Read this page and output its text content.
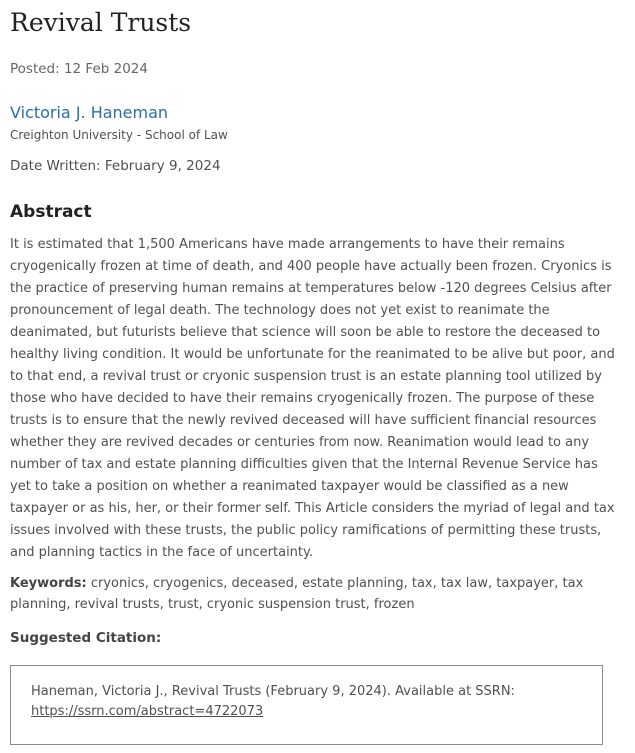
Revival Trusts
Posted: 12 Feb 2024
Victoria J. Haneman
Creighton University - School of Law
Date Written: February 9, 2024
Abstract

It is estimated that 1,500 Americans have made arrangements to have their remains cryogenically frozen at time of death, and 400 people have actually been frozen. Cryonics is the practice of preserving human remains at temperatures below -120 degrees Celsius after pronouncement of legal death. The technology does not yet exist to reanimate the deanimated, but futurists believe that science will soon be able to restore the deceased to healthy living condition. It would be unfortunate for the reanimated to be alive but poor, and to that end, a revival trust or cryonic suspension trust is an estate planning tool utilized by those who have decided to have their remains cryogenically frozen. The purpose of these trusts is to ensure that the newly revived deceased will have sufficient financial resources whether they are revived decades or centuries from now. Reanimation would lead to any number of tax and estate planning difficulties given that the Internal Revenue Service has yet to take a position on whether a reanimated taxpayer would be classified as a new taxpayer or as his, her, or their former self. This Article considers the myriad of legal and tax issues involved with these trusts, the public policy ramifications of permitting these trusts, and planning tactics in the face of uncertainty.

Keywords: cryonics, cryogenics, deceased, estate planning, tax, tax law, taxpayer, tax planning, revival trusts, trust, cryonic suspension trust, frozen

Suggested Citation:

Haneman, Victoria J., Revival Trusts (February 9, 2024). Available at SSRN:
https://ssrn.com/abstract=4722073
